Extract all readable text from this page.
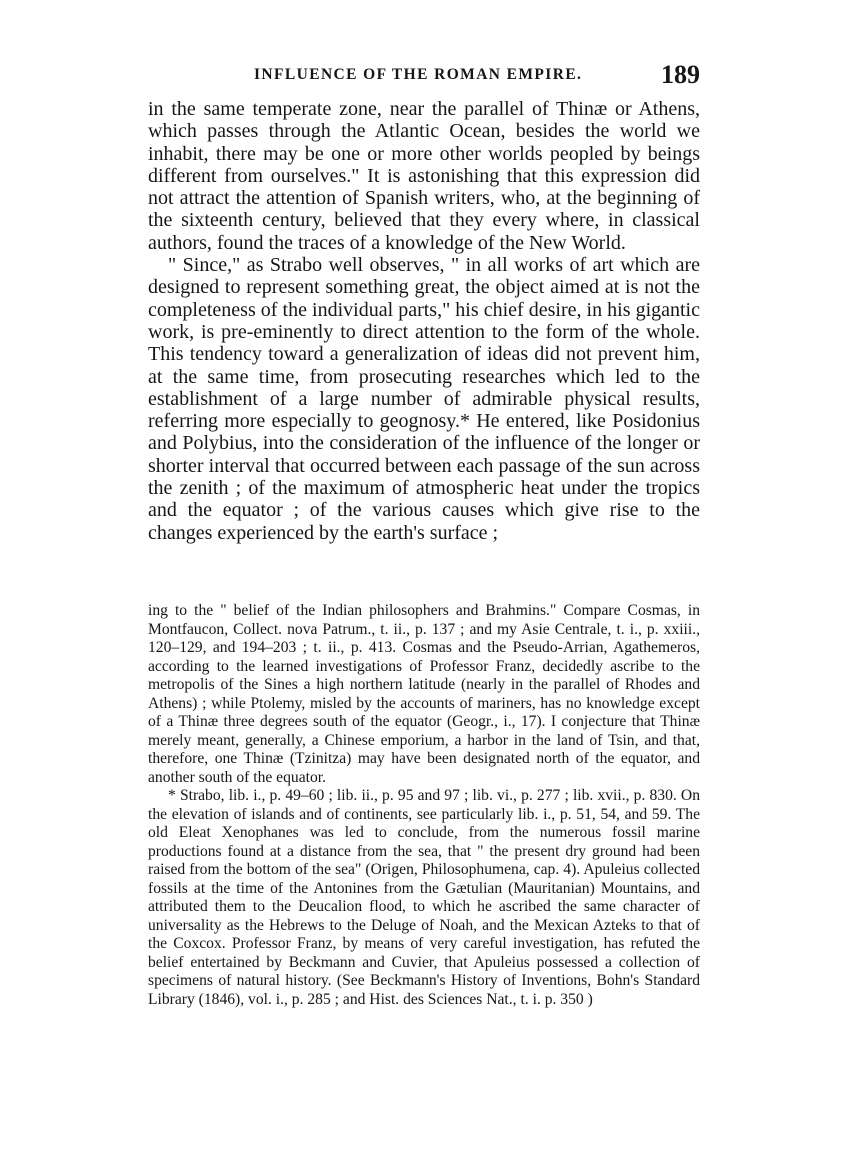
INFLUENCE OF THE ROMAN EMPIRE.	189

in the same temperate zone, near the parallel of Thinæ or Athens, which passes through the Atlantic Ocean, besides the world we inhabit, there may be one or more other worlds peopled by beings different from ourselves." It is astonishing that this expression did not attract the attention of Spanish writers, who, at the beginning of the sixteenth century, believed that they every where, in classical authors, found the traces of a knowledge of the New World.

" Since," as Strabo well observes, " in all works of art which are designed to represent something great, the object aimed at is not the completeness of the individual parts," his chief desire, in his gigantic work, is pre-eminently to direct attention to the form of the whole. This tendency toward a generalization of ideas did not prevent him, at the same time, from prosecuting researches which led to the establishment of a large number of admirable physical results, referring more especially to geognosy.* He entered, like Posidonius and Polybius, into the consideration of the influence of the longer or shorter interval that occurred between each passage of the sun across the zenith ; of the maximum of atmospheric heat under the tropics and the equator ; of the various causes which give rise to the changes experienced by the earth's surface ;

ing to the " belief of the Indian philosophers and Brahmins." Compare Cosmas, in Montfaucon, Collect. nova Patrum., t. ii., p. 137 ; and my Asie Centrale, t. i., p. xxiii., 120–129, and 194–203 ; t. ii., p. 413. Cosmas and the Pseudo-Arrian, Agathemeros, according to the learned investigations of Professor Franz, decidedly ascribe to the metropolis of the Sines a high northern latitude (nearly in the parallel of Rhodes and Athens) ; while Ptolemy, misled by the accounts of mariners, has no knowledge except of a Thinæ three degrees south of the equator (Geogr., i., 17). I conjecture that Thinæ merely meant, generally, a Chinese emporium, a harbor in the land of Tsin, and that, therefore, one Thinæ (Tzinitza) may have been designated north of the equator, and another south of the equator.

* Strabo, lib. i., p. 49–60 ; lib. ii., p. 95 and 97 ; lib. vi., p. 277 ; lib. xvii., p. 830. On the elevation of islands and of continents, see particularly lib. i., p. 51, 54, and 59. The old Eleat Xenophanes was led to conclude, from the numerous fossil marine productions found at a distance from the sea, that " the present dry ground had been raised from the bottom of the sea" (Origen, Philosophumena, cap. 4). Apuleius collected fossils at the time of the Antonines from the Gætulian (Mauritanian) Mountains, and attributed them to the Deucalion flood, to which he ascribed the same character of universality as the Hebrews to the Deluge of Noah, and the Mexican Azteks to that of the Coxcox. Professor Franz, by means of very careful investigation, has refuted the belief entertained by Beckmann and Cuvier, that Apuleius possessed a collection of specimens of natural history. (See Beckmann's History of Inventions, Bohn's Standard Library (1846), vol. i., p. 285 ; and Hist. des Sciences Nat., t. i. p. 350 )
